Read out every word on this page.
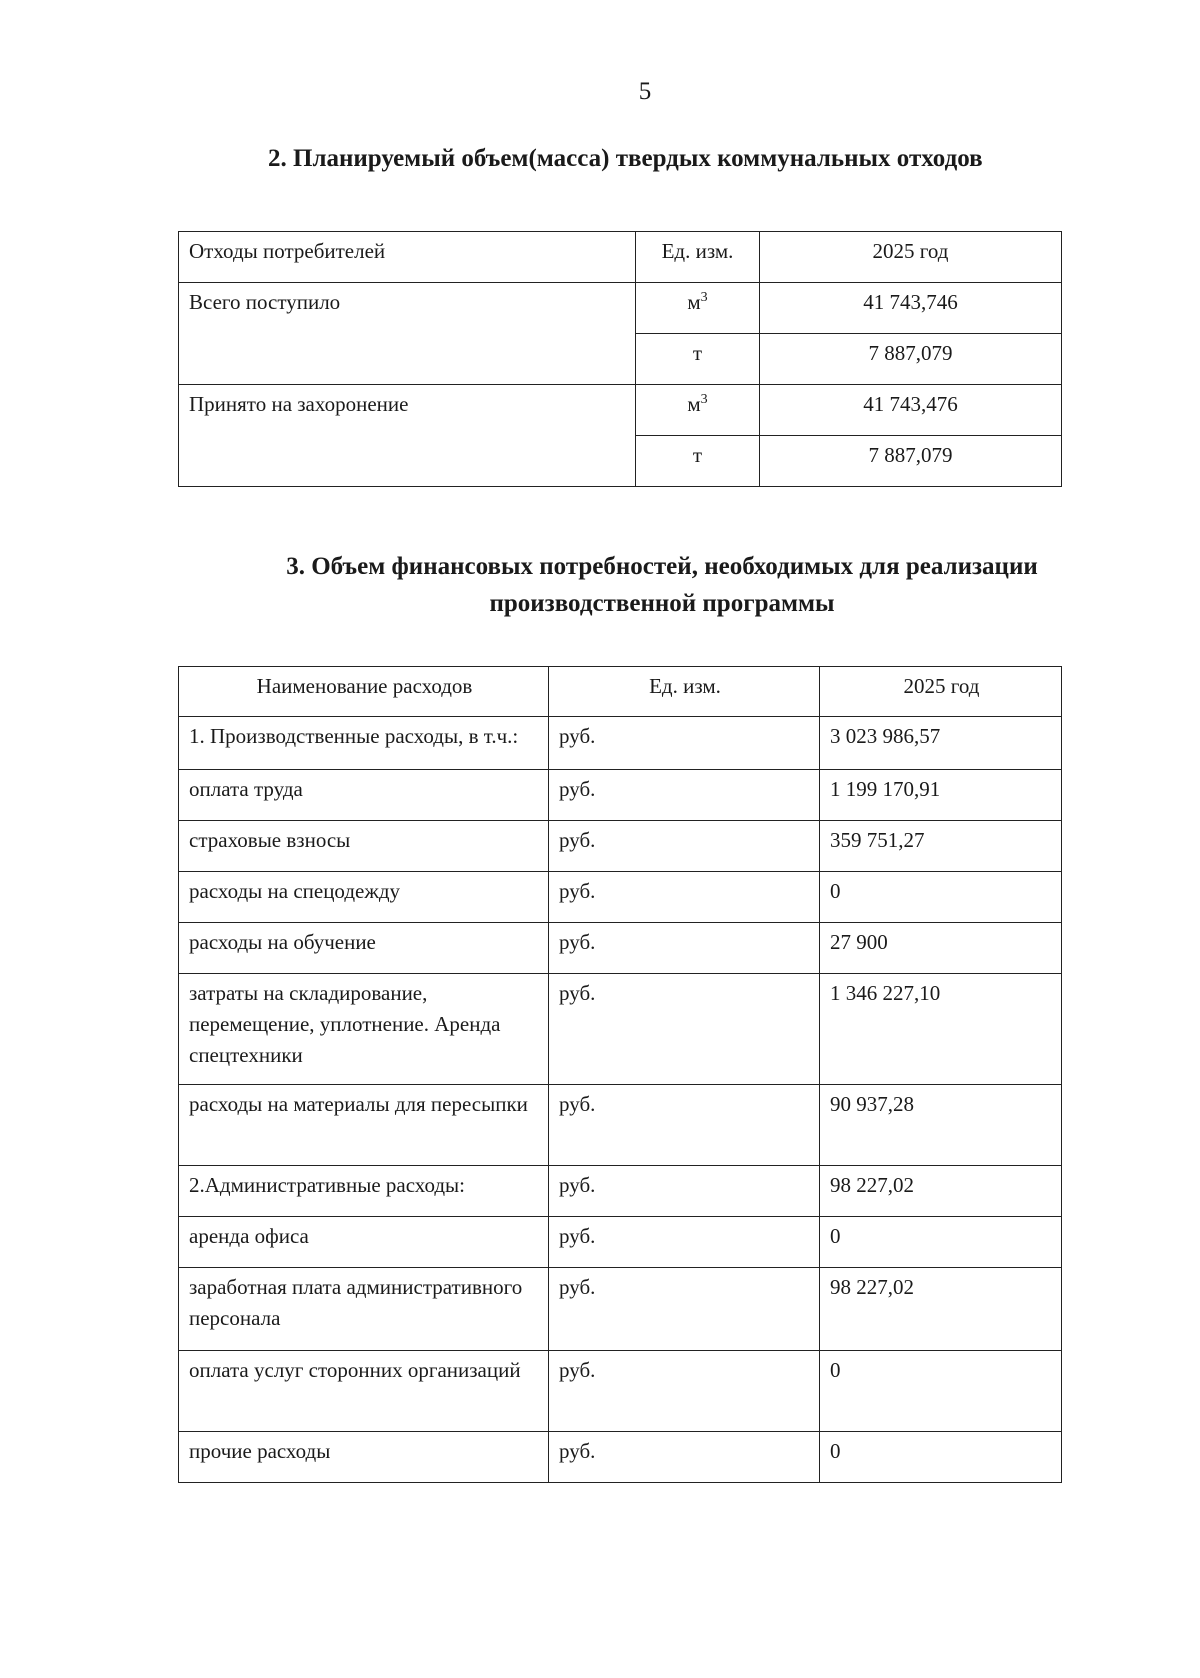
5
2. Планируемый объем(масса) твердых коммунальных отходов
Отходы потребителей	Ед. изм.	2025 год
Всего поступило	$м^3$	41 743,746
	т	7 887,079
Принято на захоронение	$м^3$	41 743,476
	т	7 887,079
3. Объем финансовых потребностей, необходимых для реализации
производственной программы
Наименование расходов	Ед. изм.	2025 год
1. Производственные расходы, в т.ч.:	руб.	3 023 986,57
оплата труда	руб.	1 199 170,91
страховые взносы	руб.	359 751,27
расходы на спецодежду	руб.	0
расходы на обучение	руб.	27 900
затраты на складирование, перемещение, уплотнение. Аренда спецтехники	руб.	1 346 227,10
расходы на материалы для пересыпки	руб.	90 937,28
2.Административные расходы:	руб.	98 227,02
аренда офиса	руб.	0
заработная плата административного персонала	руб.	98 227,02
оплата услуг сторонних организаций	руб.	0
прочие расходы	руб.	0
